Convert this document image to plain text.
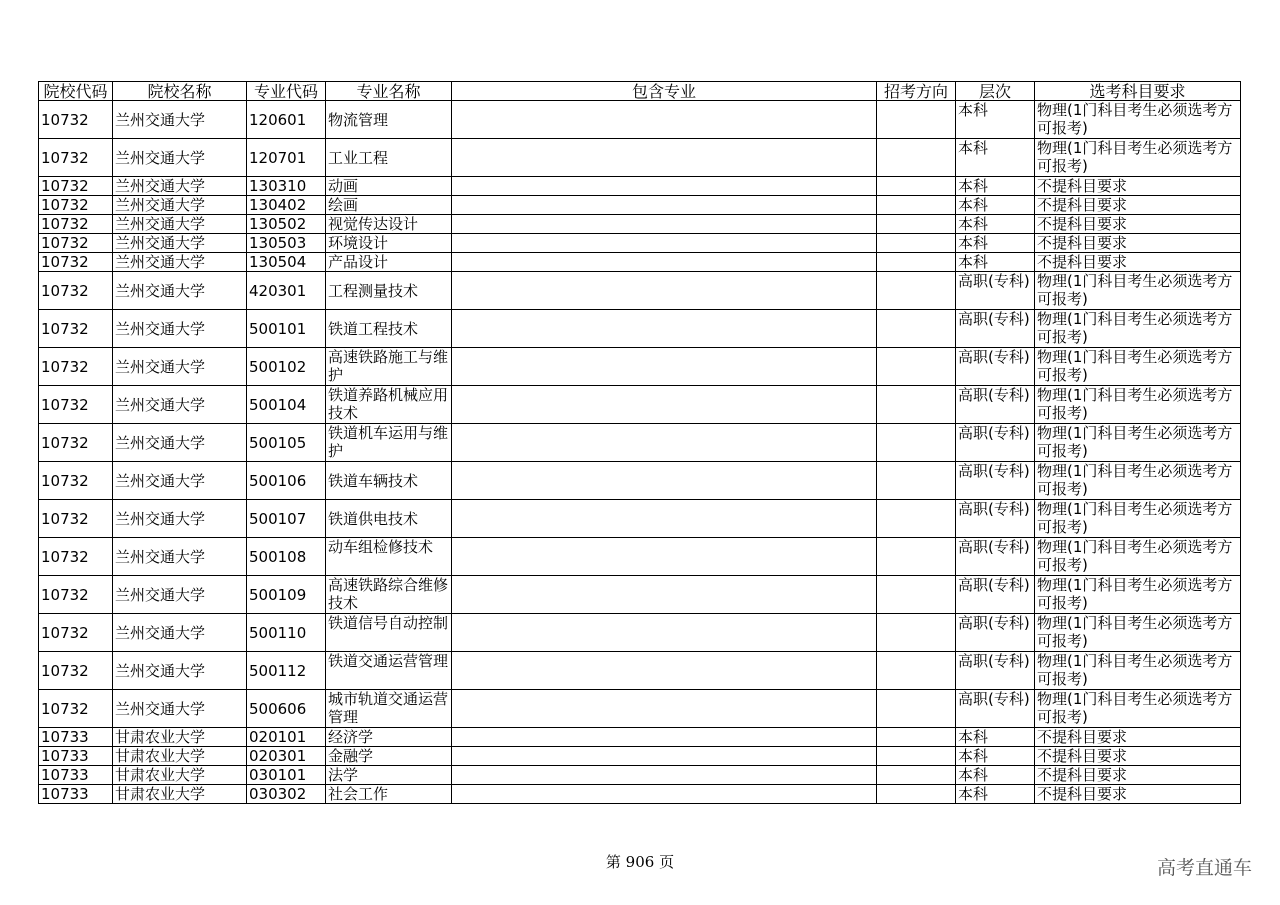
院校代码	院校名称	专业代码	专业名称	包含专业	招考方向	层次	选考科目要求
10732	兰州交通大学	120601	物流管理			本科	物理(1门科目考生必须选考方可报考)
10732	兰州交通大学	120701	工业工程			本科	物理(1门科目考生必须选考方可报考)
10732	兰州交通大学	130310	动画			本科	不提科目要求
10732	兰州交通大学	130402	绘画			本科	不提科目要求
10732	兰州交通大学	130502	视觉传达设计			本科	不提科目要求
10732	兰州交通大学	130503	环境设计			本科	不提科目要求
10732	兰州交通大学	130504	产品设计			本科	不提科目要求
10732	兰州交通大学	420301	工程测量技术			高职(专科)	物理(1门科目考生必须选考方可报考)
10732	兰州交通大学	500101	铁道工程技术			高职(专科)	物理(1门科目考生必须选考方可报考)
10732	兰州交通大学	500102	高速铁路施工与维护			高职(专科)	物理(1门科目考生必须选考方可报考)
10732	兰州交通大学	500104	铁道养路机械应用技术			高职(专科)	物理(1门科目考生必须选考方可报考)
10732	兰州交通大学	500105	铁道机车运用与维护			高职(专科)	物理(1门科目考生必须选考方可报考)
10732	兰州交通大学	500106	铁道车辆技术			高职(专科)	物理(1门科目考生必须选考方可报考)
10732	兰州交通大学	500107	铁道供电技术			高职(专科)	物理(1门科目考生必须选考方可报考)
10732	兰州交通大学	500108	动车组检修技术			高职(专科)	物理(1门科目考生必须选考方可报考)
10732	兰州交通大学	500109	高速铁路综合维修技术			高职(专科)	物理(1门科目考生必须选考方可报考)
10732	兰州交通大学	500110	铁道信号自动控制			高职(专科)	物理(1门科目考生必须选考方可报考)
10732	兰州交通大学	500112	铁道交通运营管理			高职(专科)	物理(1门科目考生必须选考方可报考)
10732	兰州交通大学	500606	城市轨道交通运营管理			高职(专科)	物理(1门科目考生必须选考方可报考)
10733	甘肃农业大学	020101	经济学			本科	不提科目要求
10733	甘肃农业大学	020301	金融学			本科	不提科目要求
10733	甘肃农业大学	030101	法学			本科	不提科目要求
10733	甘肃农业大学	030302	社会工作			本科	不提科目要求
第 906 页	高考直通车
